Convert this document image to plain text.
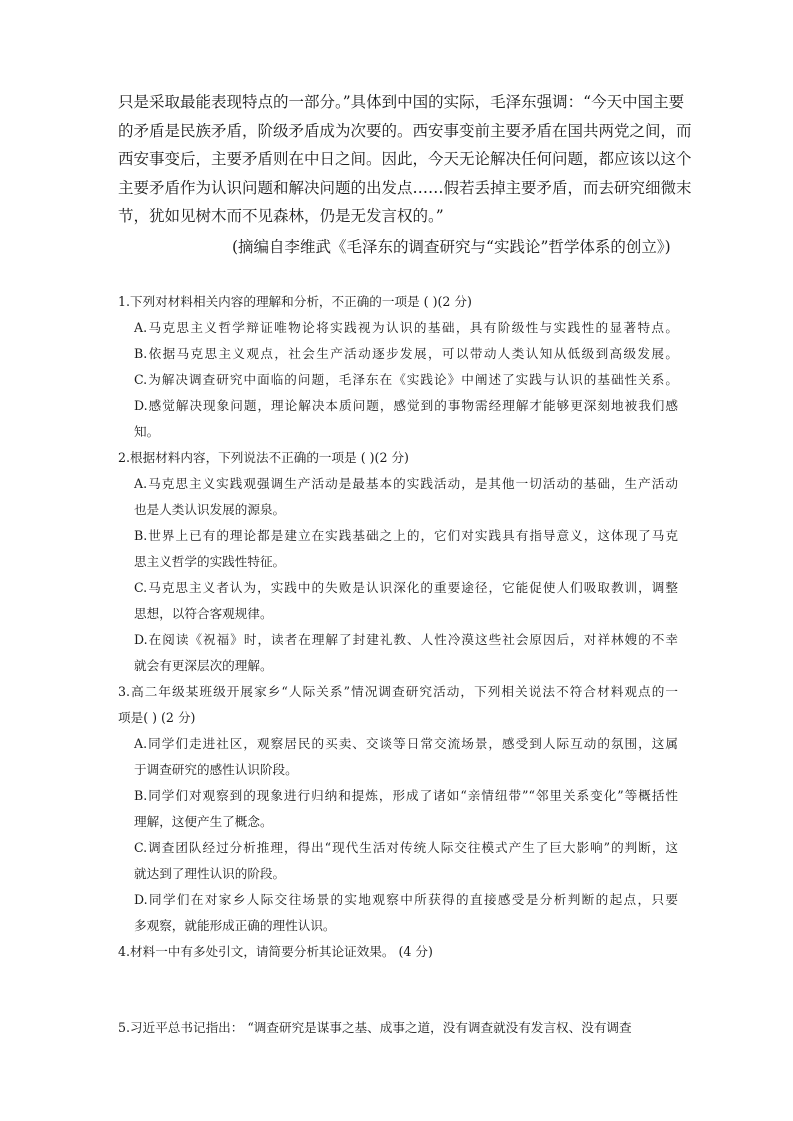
只是采取最能表现特点的一部分。”具体到中国的实际，毛泽东强调：“今天中国主要
的矛盾是民族矛盾，阶级矛盾成为次要的。西安事变前主要矛盾在国共两党之间，而
西安事变后，主要矛盾则在中日之间。因此，今天无论解决任何问题，都应该以这个
主要矛盾作为认识问题和解决问题的出发点……假若丢掉主要矛盾，而去研究细微末
节，犹如见树木而不见森林，仍是无发言权的。”
(摘编自李维武《毛泽东的调查研究与“实践论”哲学体系的创立》)
1.下列对材料相关内容的理解和分析，不正确的一项是 ( )(2 分)
A.马克思主义哲学辩证唯物论将实践视为认识的基础，具有阶级性与实践性的显著特点。
B.依据马克思主义观点，社会生产活动逐步发展，可以带动人类认知从低级到高级发展。
C.为解决调查研究中面临的问题，毛泽东在《实践论》中阐述了实践与认识的基础性关系。
D.感觉解决现象问题，理论解决本质问题，感觉到的事物需经理解才能够更深刻地被我们感
知。
2.根据材料内容，下列说法不正确的一项是 ( )(2 分)
A.马克思主义实践观强调生产活动是最基本的实践活动，是其他一切活动的基础，生产活动
也是人类认识发展的源泉。
B.世界上已有的理论都是建立在实践基础之上的，它们对实践具有指导意义，这体现了马克
思主义哲学的实践性特征。
C.马克思主义者认为，实践中的失败是认识深化的重要途径，它能促使人们吸取教训，调整
思想，以符合客观规律。
D.在阅读《祝福》时，读者在理解了封建礼教、人性冷漠这些社会原因后，对祥林嫂的不幸
就会有更深层次的理解。
3.高二年级某班级开展家乡“人际关系”情况调查研究活动，下列相关说法不符合材料观点的一
项是( ) (2 分)
A.同学们走进社区，观察居民的买卖、交谈等日常交流场景，感受到人际互动的氛围，这属
于调查研究的感性认识阶段。
B.同学们对观察到的现象进行归纳和提炼，形成了诸如“亲情纽带”“邻里关系变化”等概括性
理解，这便产生了概念。
C.调查团队经过分析推理，得出“现代生活对传统人际交往模式产生了巨大影响”的判断，这
就达到了理性认识的阶段。
D.同学们在对家乡人际交往场景的实地观察中所获得的直接感受是分析判断的起点，只要
多观察，就能形成正确的理性认识。
4.材料一中有多处引文，请简要分析其论证效果。 (4 分)
5.习近平总书记指出： “调查研究是谋事之基、成事之道，没有调查就没有发言权、没有调查
